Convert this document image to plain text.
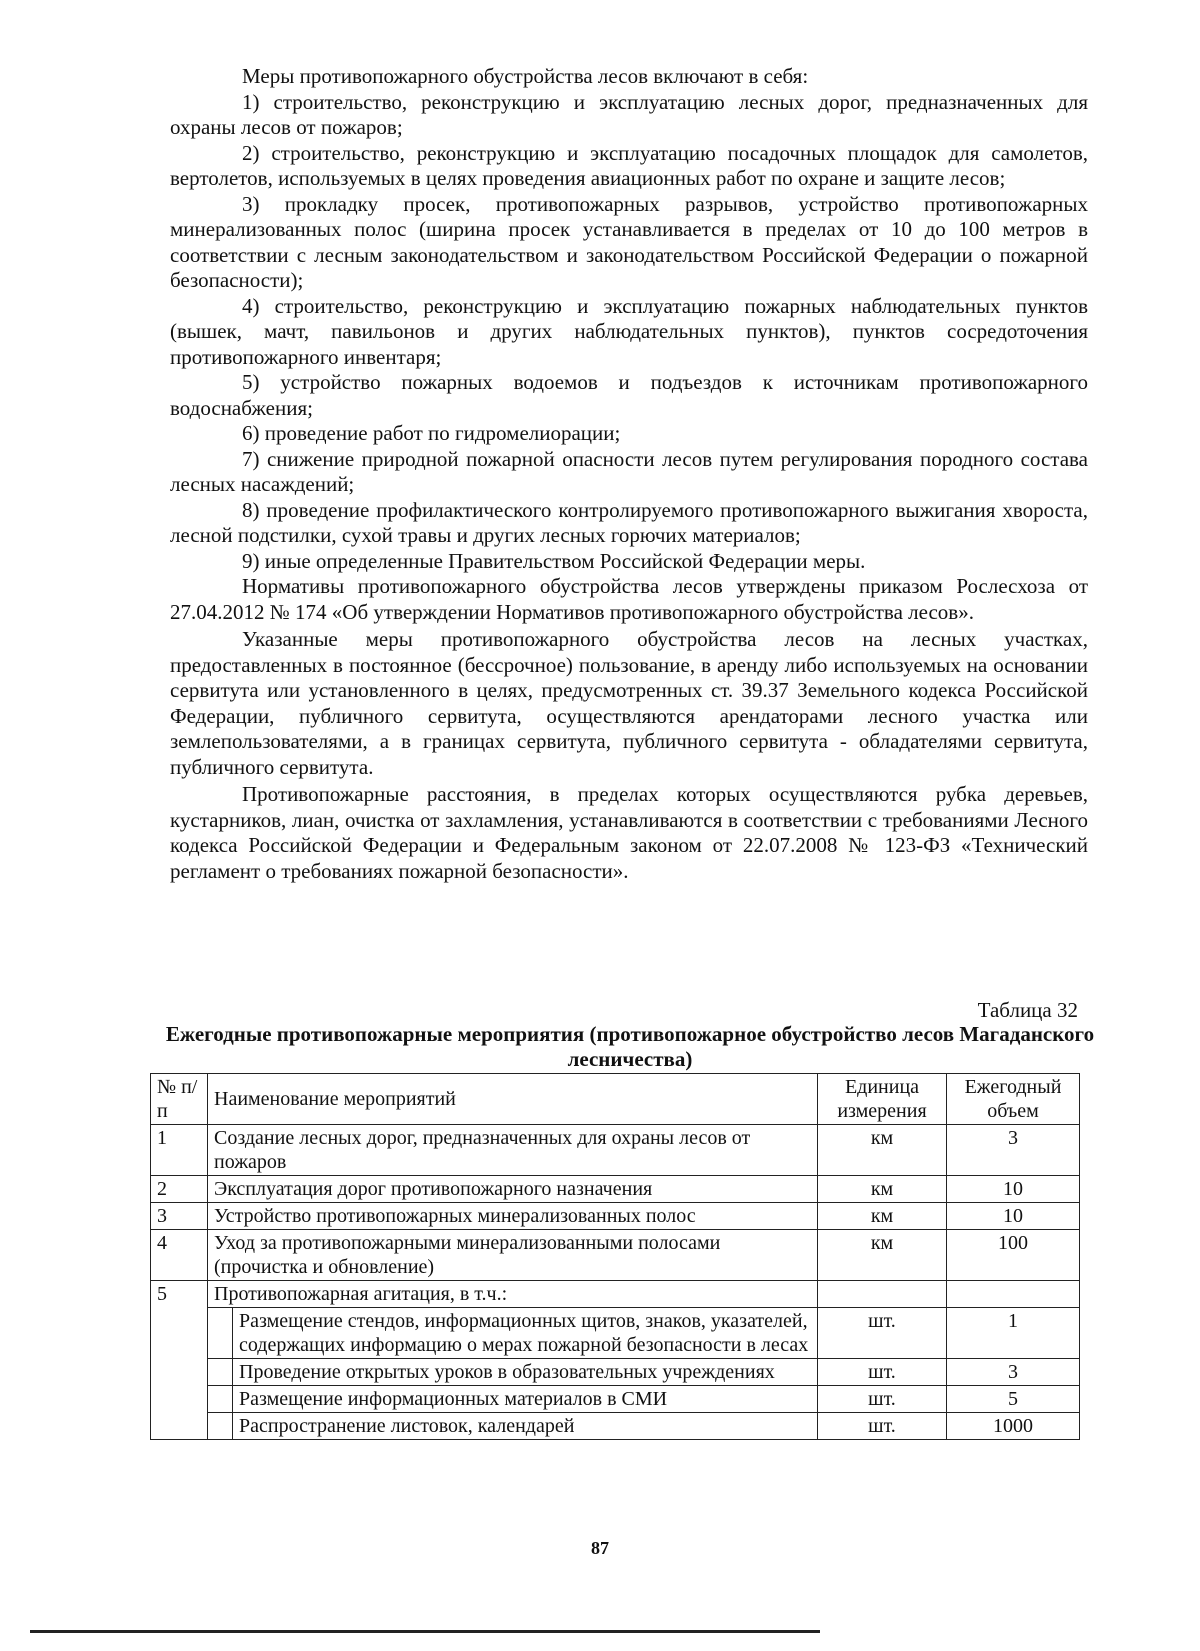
Меры противопожарного обустройства лесов включают в себя:

1) строительство, реконструкцию и эксплуатацию лесных дорог, предназначенных для охраны лесов от пожаров;

2) строительство, реконструкцию и эксплуатацию посадочных площадок для самолетов, вертолетов, используемых в целях проведения авиационных работ по охране и защите лесов;

3) прокладку просек, противопожарных разрывов, устройство противопожарных минерализованных полос (ширина просек устанавливается в пределах от 10 до 100 метров в соответствии с лесным законодательством и законодательством Российской Федерации о пожарной безопасности);

4) строительство, реконструкцию и эксплуатацию пожарных наблюдательных пунктов (вышек, мачт, павильонов и других наблюдательных пунктов), пунктов сосредоточения противопожарного инвентаря;

5) устройство пожарных водоемов и подъездов к источникам противопожарного водоснабжения;

6) проведение работ по гидромелиорации;

7) снижение природной пожарной опасности лесов путем регулирования породного состава лесных насаждений;

8) проведение профилактического контролируемого противопожарного выжигания хвороста, лесной подстилки, сухой травы и других лесных горючих материалов;

9) иные определенные Правительством Российской Федерации меры.

Нормативы противопожарного обустройства лесов утверждены приказом Рослесхоза от 27.04.2012 № 174 «Об утверждении Нормативов противопожарного обустройства лесов».

Указанные меры противопожарного обустройства лесов на лесных участках, предоставленных в постоянное (бессрочное) пользование, в аренду либо используемых на основании сервитута или установленного в целях, предусмотренных ст. 39.37 Земельного кодекса Российской Федерации, публичного сервитута, осуществляются арендаторами лесного участка или землепользователями, а в границах сервитута, публичного сервитута - обладателями сервитута, публичного сервитута.

Противопожарные расстояния, в пределах которых осуществляются рубка деревьев, кустарников, лиан, очистка от захламления, устанавливаются в соответствии с требованиями Лесного кодекса Российской Федерации и Федеральным законом от 22.07.2008 № 123-ФЗ «Технический регламент о требованиях пожарной безопасности».

Таблица 32
Ежегодные противопожарные мероприятия (противопожарное обустройство лесов Магаданского лесничества)
№ п/п	Наименование мероприятий		Единица измерения	Ежегодный объем
1	Создание лесных дорог, предназначенных для охраны лесов от пожаров		км	3
2	Эксплуатация дорог противопожарного назначения		км	10
3	Устройство противопожарных минерализованных полос		км	10
4	Уход за противопожарными минерализованными полосами (прочистка и обновление)		км	100
5	Противопожарная агитация, в т.ч.:			
		Размещение стендов, информационных щитов, знаков, указателей, содержащих информацию о мерах пожарной безопасности в лесах	шт.	1
		Проведение открытых уроков в образовательных учреждениях	шт.	3
		Размещение информационных материалов в СМИ	шт.	5
		Распространение листовок, календарей	шт.	1000
87
